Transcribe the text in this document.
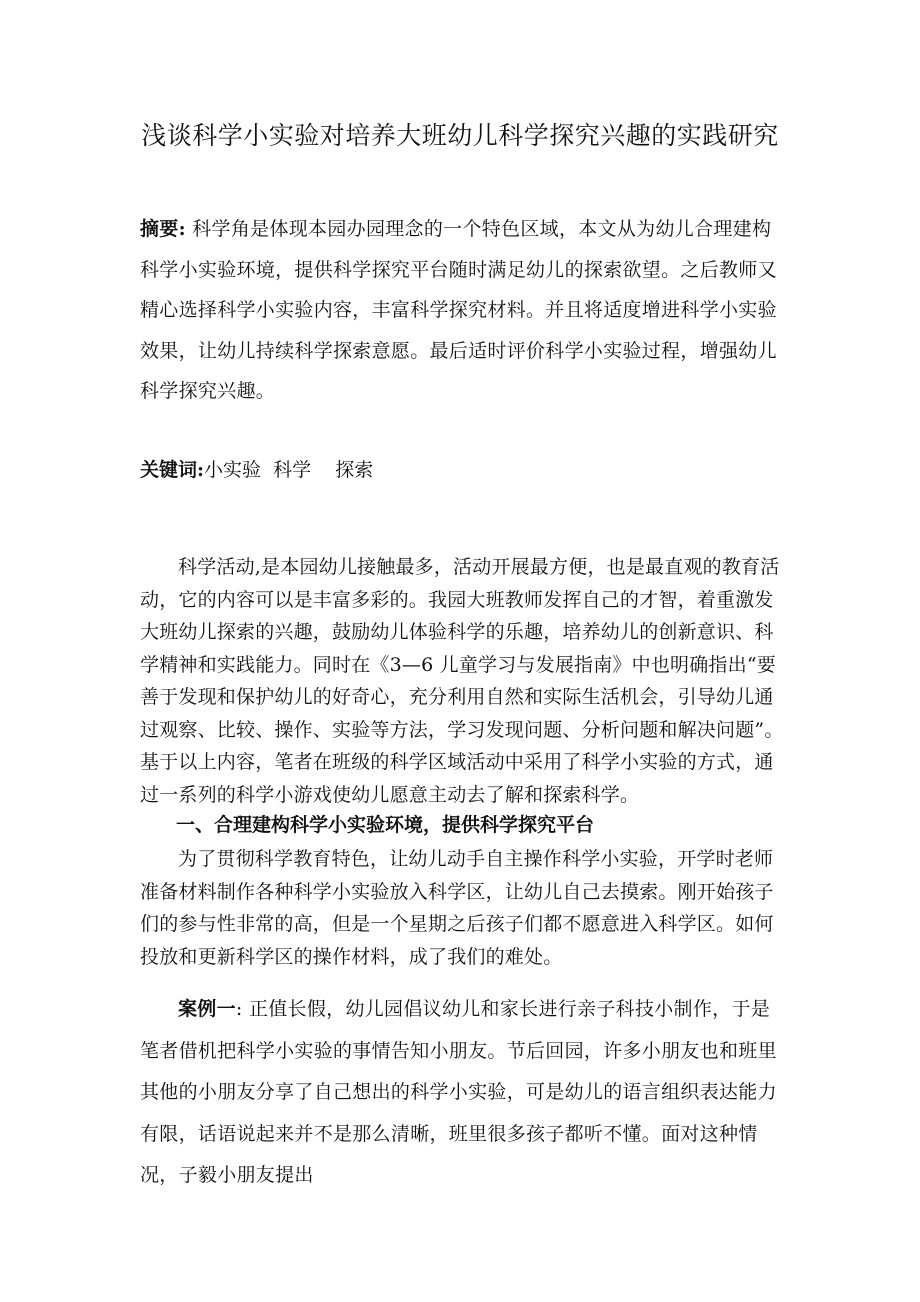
浅谈科学小实验对培养大班幼儿科学探究兴趣的实践研究
摘要: 科学角是体现本园办园理念的一个特色区域，本文从为幼儿合理建构科学小实验环境，提供科学探究平台随时满足幼儿的探索欲望。之后教师又精心选择科学小实验内容，丰富科学探究材料。并且将适度增进科学小实验效果，让幼儿持续科学探索意愿。最后适时评价科学小实验过程，增强幼儿科学探究兴趣。
关键词:小实验  科学    探索
科学活动,是本园幼儿接触最多，活动开展最方便，也是最直观的教育活动，它的内容可以是丰富多彩的。我园大班教师发挥自己的才智，着重激发大班幼儿探索的兴趣，鼓励幼儿体验科学的乐趣，培养幼儿的创新意识、科学精神和实践能力。同时在《3—6 儿童学习与发展指南》中也明确指出“要善于发现和保护幼儿的好奇心，充分利用自然和实际生活机会，引导幼儿通过观察、比较、操作、实验等方法，学习发现问题、分析问题和解决问题”。基于以上内容，笔者在班级的科学区域活动中采用了科学小实验的方式，通过一系列的科学小游戏使幼儿愿意主动去了解和探索科学。
一、合理建构科学小实验环境，提供科学探究平台
为了贯彻科学教育特色，让幼儿动手自主操作科学小实验，开学时老师准备材料制作各种科学小实验放入科学区，让幼儿自己去摸索。刚开始孩子们的参与性非常的高，但是一个星期之后孩子们都不愿意进入科学区。如何投放和更新科学区的操作材料，成了我们的难处。
案例一: 正值长假，幼儿园倡议幼儿和家长进行亲子科技小制作，于是笔者借机把科学小实验的事情告知小朋友。节后回园，许多小朋友也和班里其他的小朋友分享了自己想出的科学小实验，可是幼儿的语言组织表达能力有限，话语说起来并不是那么清晰，班里很多孩子都听不懂。面对这种情况，子毅小朋友提出
